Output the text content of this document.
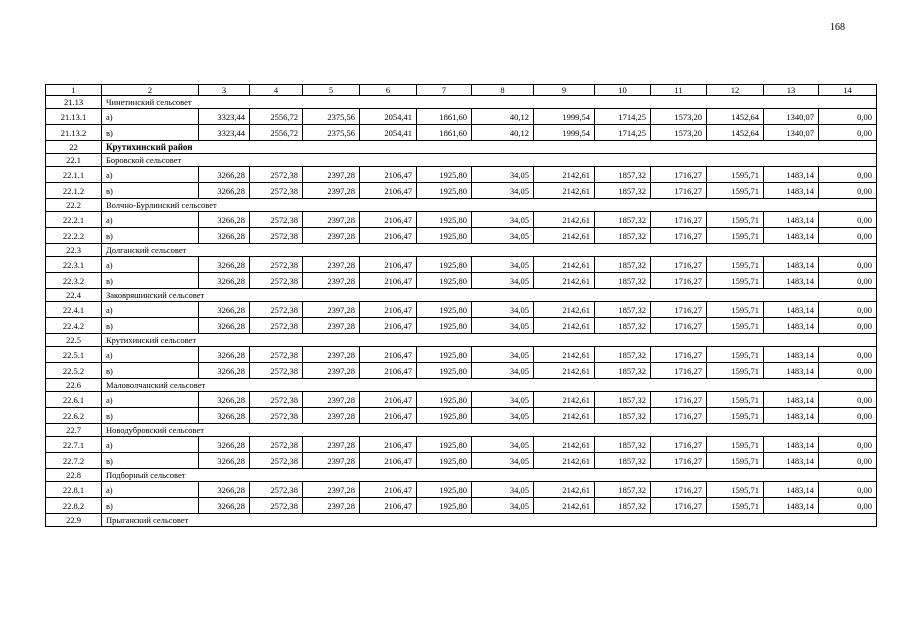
168
1	2	3	4	5	6	7	8	9	10	11	12	13	14
21.13	Чинетинский сельсовет												
21.13.1	а)	3323,44	2556,72	2375,56	2054,41	1861,60	40,12	1999,54	1714,25	1573,20	1452,64	1340,07	0,00
21.13.2	в)	3323,44	2556,72	2375,56	2054,41	1861,60	40,12	1999,54	1714,25	1573,20	1452,64	1340,07	0,00
22	Крутихинский район												
22.1	Боровской сельсовет												
22.1.1	а)	3266,28	2572,38	2397,28	2106,47	1925,80	34,05	2142,61	1857,32	1716,27	1595,71	1483,14	0,00
22.1.2	в)	3266,28	2572,38	2397,28	2106,47	1925,80	34,05	2142,61	1857,32	1716,27	1595,71	1483,14	0,00
22.2	Волчно-Бурлинский сельсовет												
22.2.1	а)	3266,28	2572,38	2397,28	2106,47	1925,80	34,05	2142,61	1857,32	1716,27	1595,71	1483,14	0,00
22.2.2	в)	3266,28	2572,38	2397,28	2106,47	1925,80	34,05	2142,61	1857,32	1716,27	1595,71	1483,14	0,00
22.3	Долганский сельсовет												
22.3.1	а)	3266,28	2572,38	2397,28	2106,47	1925,80	34,05	2142,61	1857,32	1716,27	1595,71	1483,14	0,00
22.3.2	в)	3266,28	2572,38	2397,28	2106,47	1925,80	34,05	2142,61	1857,32	1716,27	1595,71	1483,14	0,00
22.4	Заковряшинский сельсовет												
22.4.1	а)	3266,28	2572,38	2397,28	2106,47	1925,80	34,05	2142,61	1857,32	1716,27	1595,71	1483,14	0,00
22.4.2	в)	3266,28	2572,38	2397,28	2106,47	1925,80	34,05	2142,61	1857,32	1716,27	1595,71	1483,14	0,00
22.5	Крутихинский сельсовет												
22.5.1	а)	3266,28	2572,38	2397,28	2106,47	1925,80	34,05	2142,61	1857,32	1716,27	1595,71	1483,14	0,00
22.5.2	в)	3266,28	2572,38	2397,28	2106,47	1925,80	34,05	2142,61	1857,32	1716,27	1595,71	1483,14	0,00
22.6	Маловолчанский сельсовет												
22.6.1	а)	3266,28	2572,38	2397,28	2106,47	1925,80	34,05	2142,61	1857,32	1716,27	1595,71	1483,14	0,00
22.6.2	в)	3266,28	2572,38	2397,28	2106,47	1925,80	34,05	2142,61	1857,32	1716,27	1595,71	1483,14	0,00
22.7	Новодубровский сельсовет												
22.7.1	а)	3266,28	2572,38	2397,28	2106,47	1925,80	34,05	2142,61	1857,32	1716,27	1595,71	1483,14	0,00
22.7.2	в)	3266,28	2572,38	2397,28	2106,47	1925,80	34,05	2142,61	1857,32	1716,27	1595,71	1483,14	0,00
22.8	Подборный сельсовет												
22.8.1	а)	3266,28	2572,38	2397,28	2106,47	1925,80	34,05	2142,61	1857,32	1716,27	1595,71	1483,14	0,00
22.8.2	в)	3266,28	2572,38	2397,28	2106,47	1925,80	34,05	2142,61	1857,32	1716,27	1595,71	1483,14	0,00
22.9	Прыганский сельсовет												
